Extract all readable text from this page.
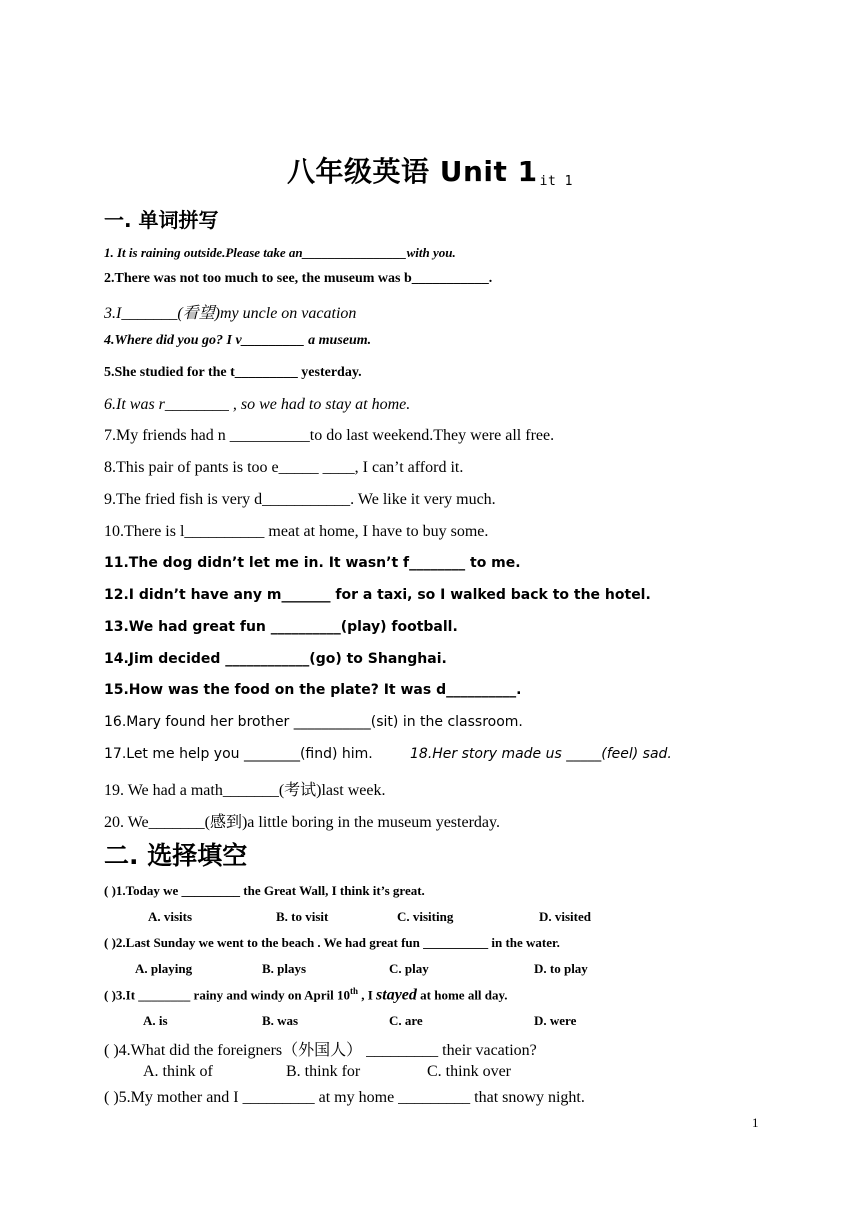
八年级英语 Unit 1 it 1
一. 单词拼写
1. It is raining outside.Please take an________________with you.
2.There was not too much to see, the museum was b___________.
3.I_______(看望)my uncle on vacation
4.Where did you go? I v_________ a museum.
5.She studied for the t_________ yesterday.
6.It was r________ , so we had to stay at home.
7.My friends had n __________to do last weekend.They were all free.
8.This pair of pants is too e_____ ____, I can’t afford it.
9.The fried fish is very d___________. We like it very much.
10.There is l__________ meat at home, I have to buy some.
11.The dog didn’t let me in. It wasn’t f________ to me.
12.I didn’t have any m_______ for a taxi, so I walked back to the hotel.
13.We had great fun __________(play) football.
14.Jim decided ____________(go) to Shanghai.
15.How was the food on the plate? It was d__________.
16.Mary found her brother ___________(sit) in the classroom.
17.Let me help you ________(find) him.	18.Her story made us _____(feel) sad.
19. We had a math_______(考试)last week.
20. We_______(感到)a little boring in the museum yesterday.
二. 选择填空
( )1.Today we _________ the Great Wall, I think it’s great.
A. visits	B. to visit	C. visiting	D. visited
( )2.Last Sunday we went to the beach . We had great fun __________ in the water.
A. playing	B. plays	C. play	D. to play
( )3.It ________ rainy and windy on April 10th , I stayed at home all day.
A. is	B. was	C. are	D. were
( )4.What did the foreigners（外国人） _________ their vacation?
A. think of	B. think for	C. think over
( )5.My mother and I _________ at my home _________ that snowy night.
1
